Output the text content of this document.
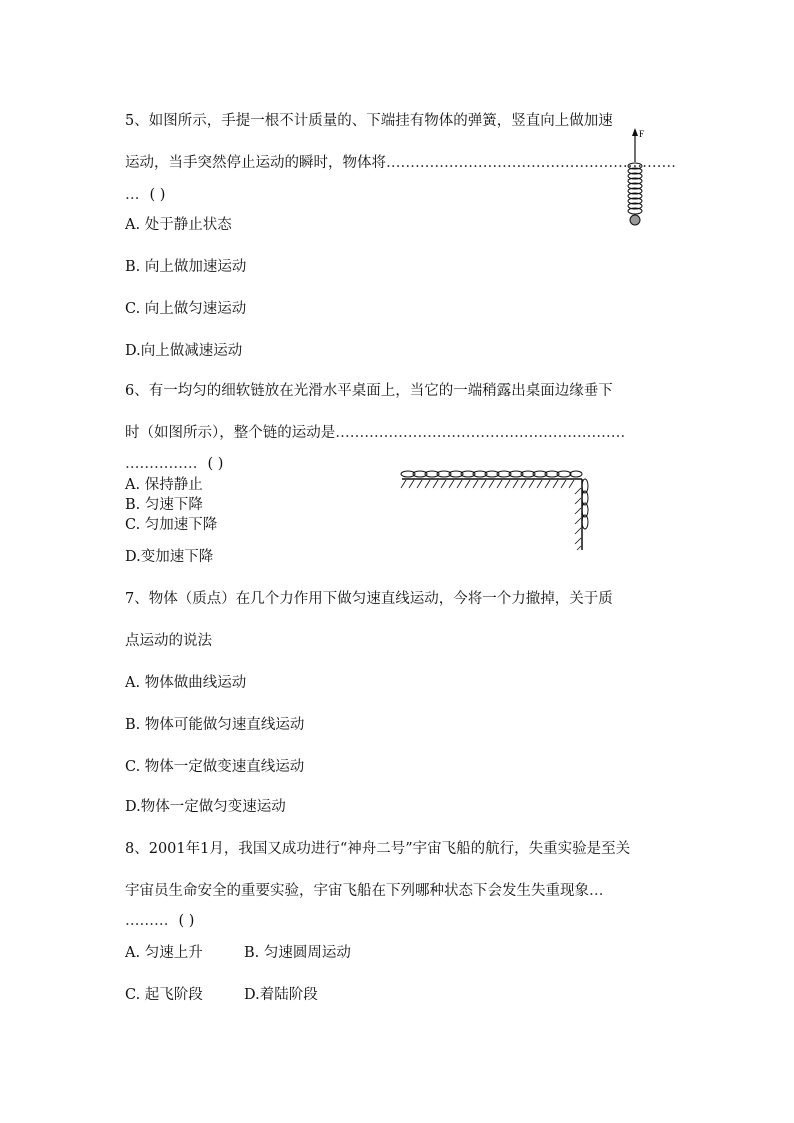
5、如图所示，手提一根不计质量的、下端挂有物体的弹簧，竖直向上做加速
运动，当手突然停止运动的瞬时，物体将……………………………………………………
… ( )
A. 处于静止状态
B. 向上做加速运动
C. 向上做匀速运动
D.向上做减速运动
F
6、有一均匀的细软链放在光滑水平桌面上，当它的一端稍露出桌面边缘垂下
时（如图所示），整个链的运动是……………………………………………………
…………… ( )
A. 保持静止
B. 匀速下降
C. 匀加速下降
D.变加速下降
7、物体（质点）在几个力作用下做匀速直线运动，今将一个力撤掉，关于质
点运动的说法
A. 物体做曲线运动
B. 物体可能做匀速直线运动
C. 物体一定做变速直线运动
D.物体一定做匀变速运动
8、2001年1月，我国又成功进行“神舟二号”宇宙飞船的航行，失重实验是至关
宇宙员生命安全的重要实验，宇宙飞船在下列哪种状态下会发生失重现象…
……… ( )
A. 匀速上升	B. 匀速圆周运动
C. 起飞阶段	D.着陆阶段
